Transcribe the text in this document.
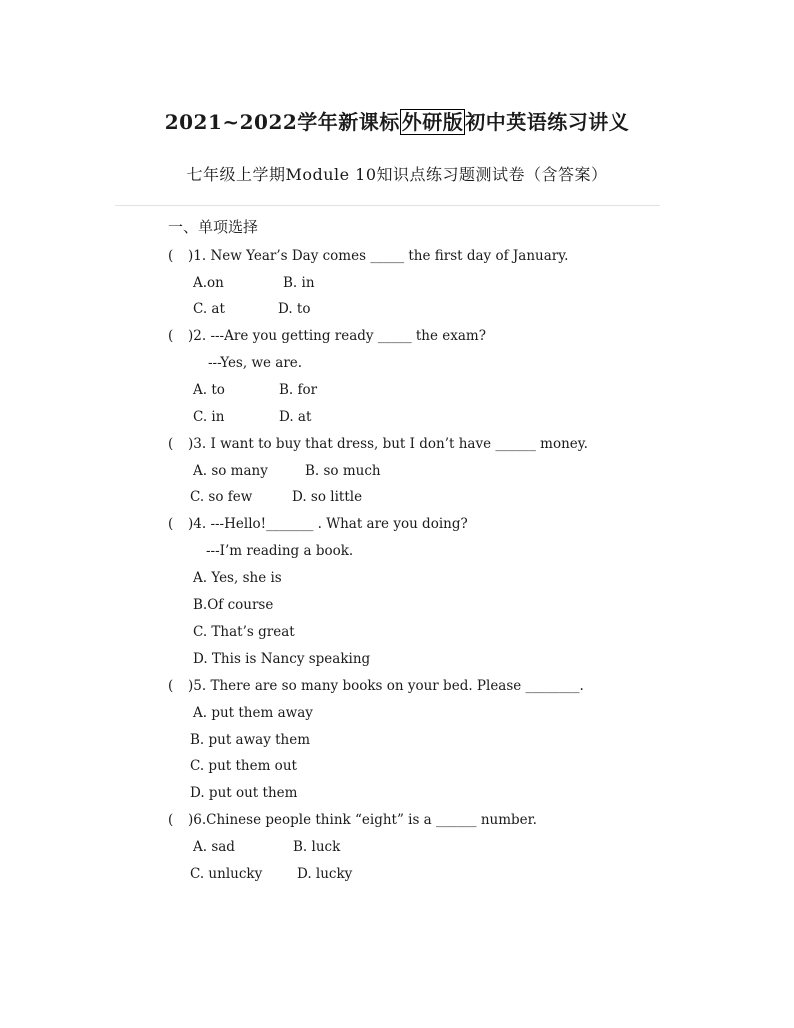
2021~2022学年新课标 外研版 初中英语练习讲义
七年级上学期Module 10知识点练习题测试卷（含答案）
一、单项选择
( )1. New Year’s Day comes _____ the first day of January.
A.on	B. in
C. at	D. to
( )2. ---Are you getting ready _____ the exam?
---Yes, we are.
A. to	B. for
C. in	D. at
( )3. I want to buy that dress, but I don’t have ______ money.
A. so many	B. so much
C. so few	D. so little
( )4. ---Hello!_______ . What are you doing?
---I’m reading a book.
A. Yes, she is
B.Of course
C. That’s great
D. This is Nancy speaking
( )5. There are so many books on your bed. Please ________.
A. put them away
B. put away them
C. put them out
D. put out them
( )6.Chinese people think “eight” is a ______ number.
A. sad	B. luck
C. unlucky	D. lucky
